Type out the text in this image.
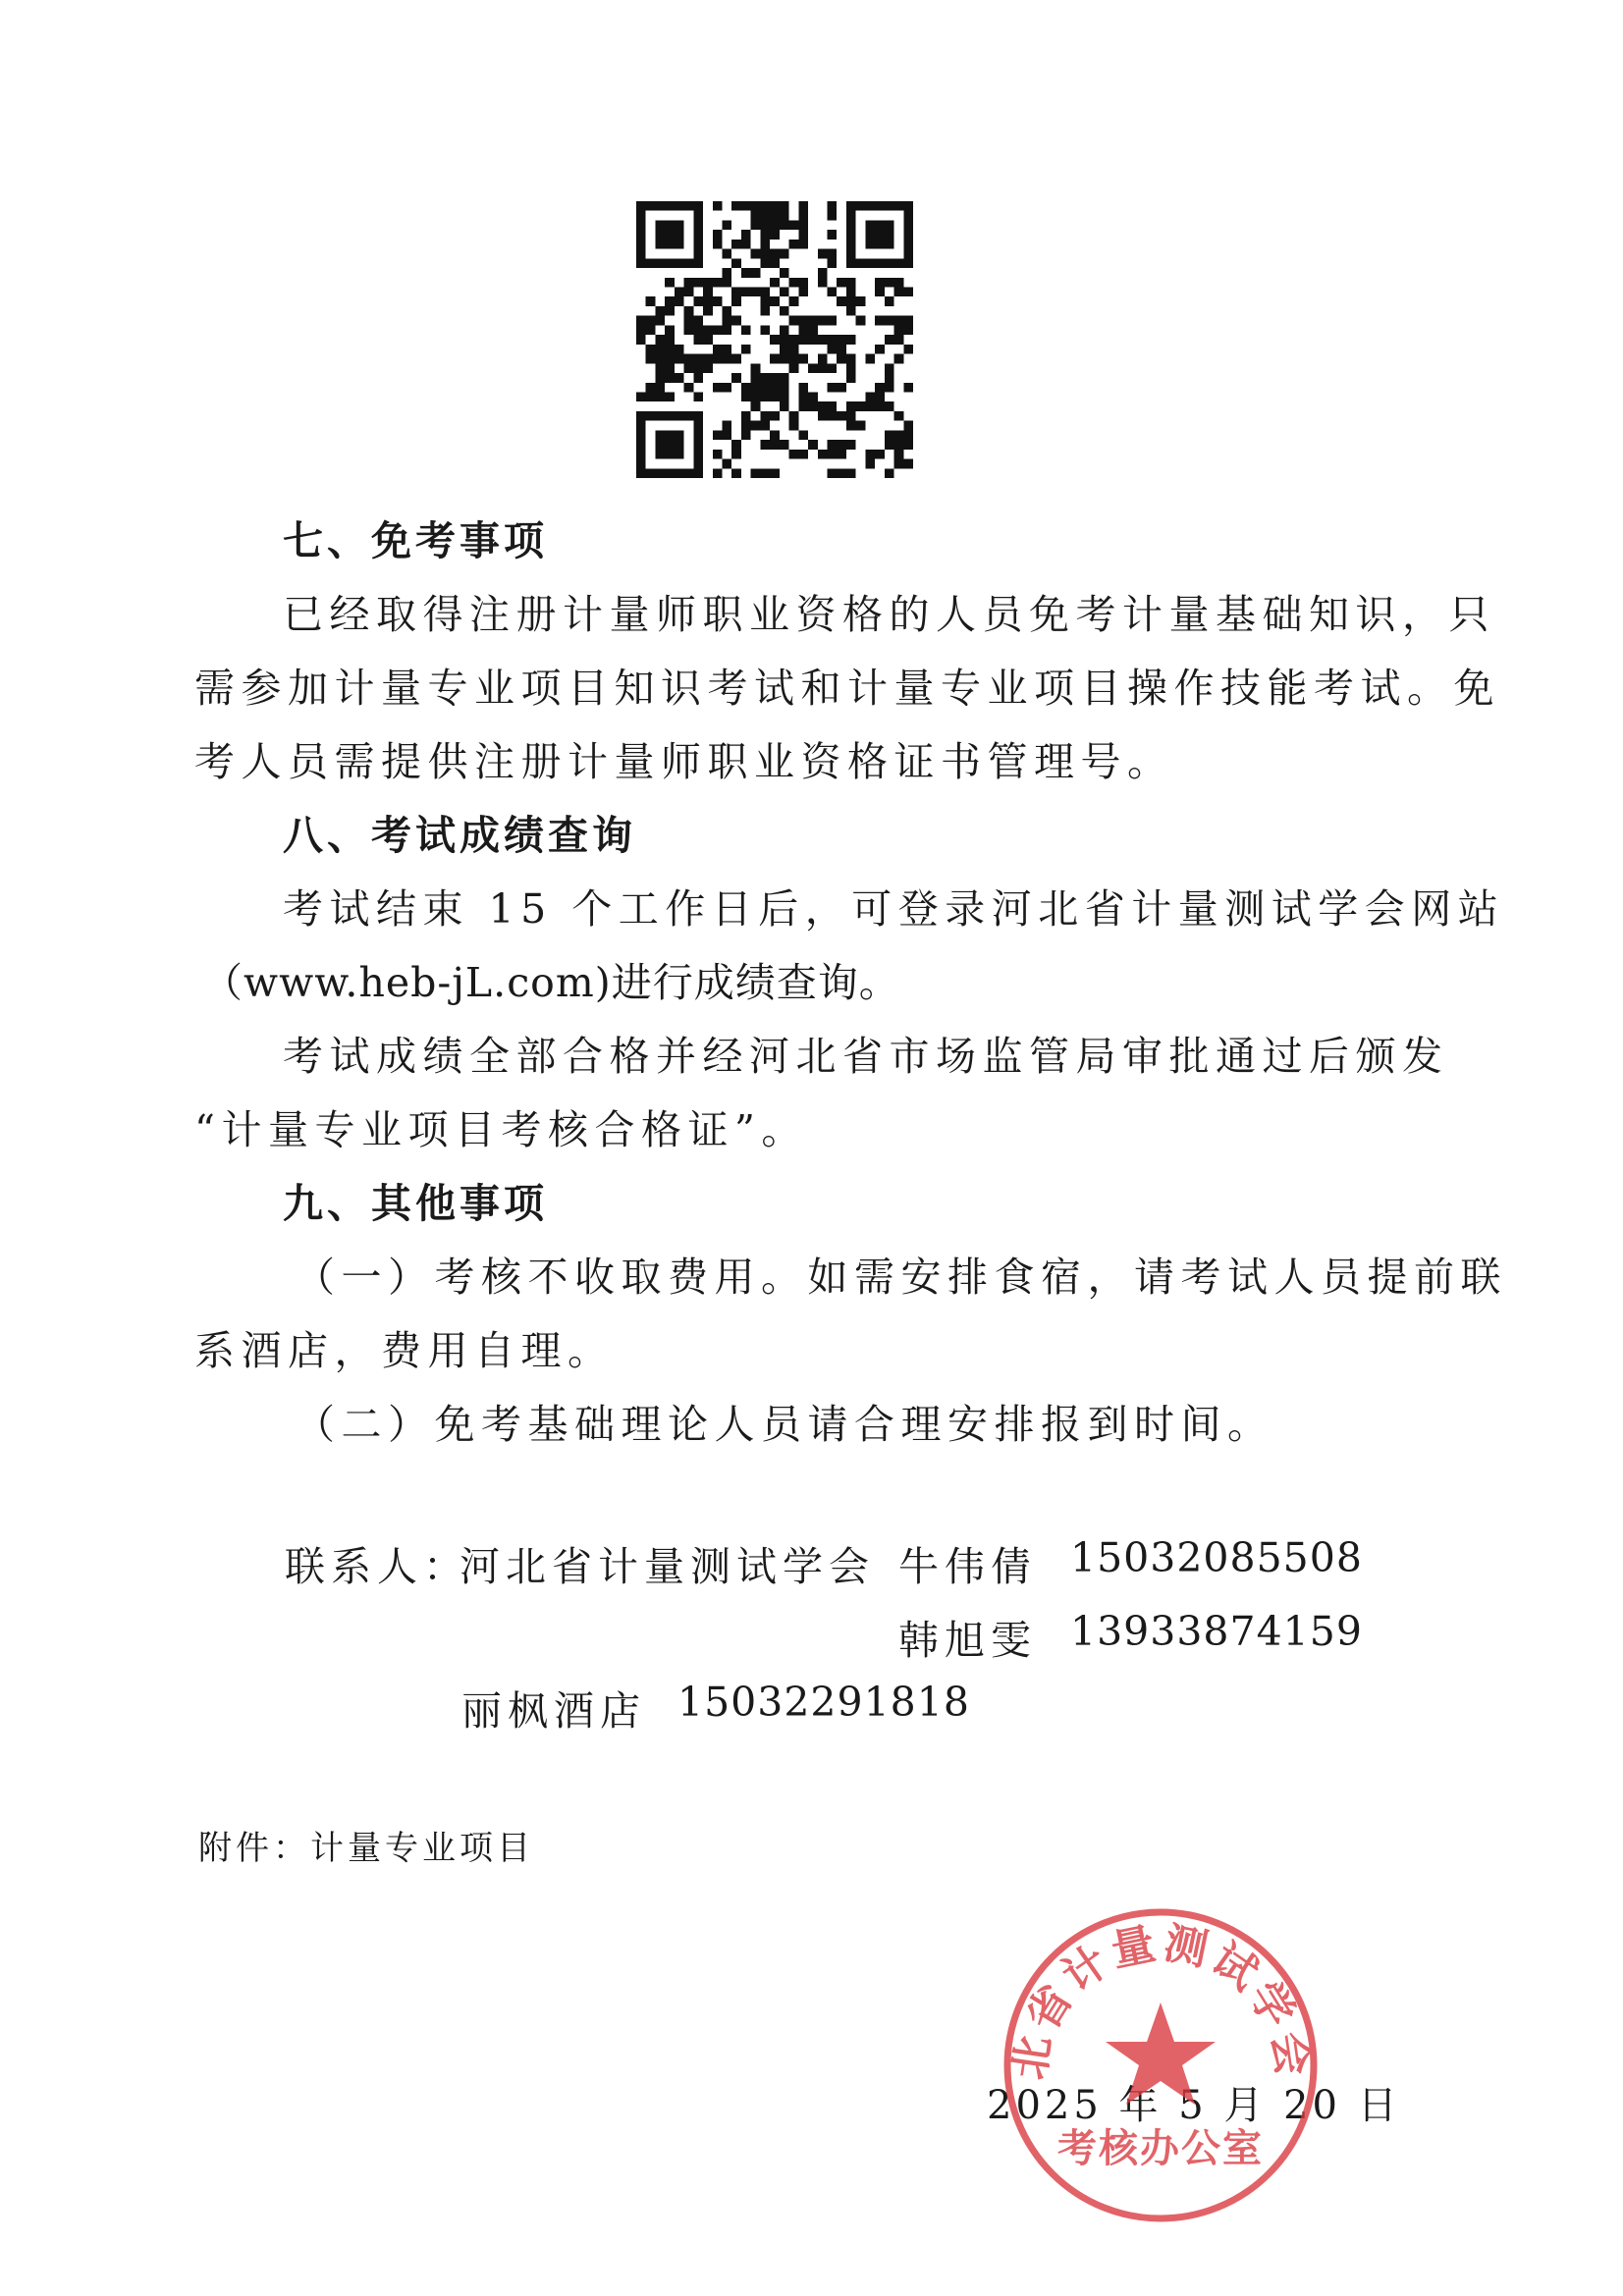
七、免考事项
已经取得注册计量师职业资格的人员免考计量基础知识，只
需参加计量专业项目知识考试和计量专业项目操作技能考试。免
考人员需提供注册计量师职业资格证书管理号。
八、考试成绩查询
考试结束 15 个工作日后，可登录河北省计量测试学会网站
（www.heb-jL.com)进行成绩查询。
考试成绩全部合格并经河北省市场监管局审批通过后颁发
“计量专业项目考核合格证”。
九、其他事项
（一）考核不收取费用。如需安排食宿，请考试人员提前联
系酒店，费用自理。
（二）免考基础理论人员请合理安排报到时间。
联系人：
河北省计量测试学会 牛伟倩 15032085508
韩旭雯 13933874159
丽枫酒店 15032291818
附件：计量专业项目
2025 年 5 月 20 日
北省计量测试学会
考核办公室
